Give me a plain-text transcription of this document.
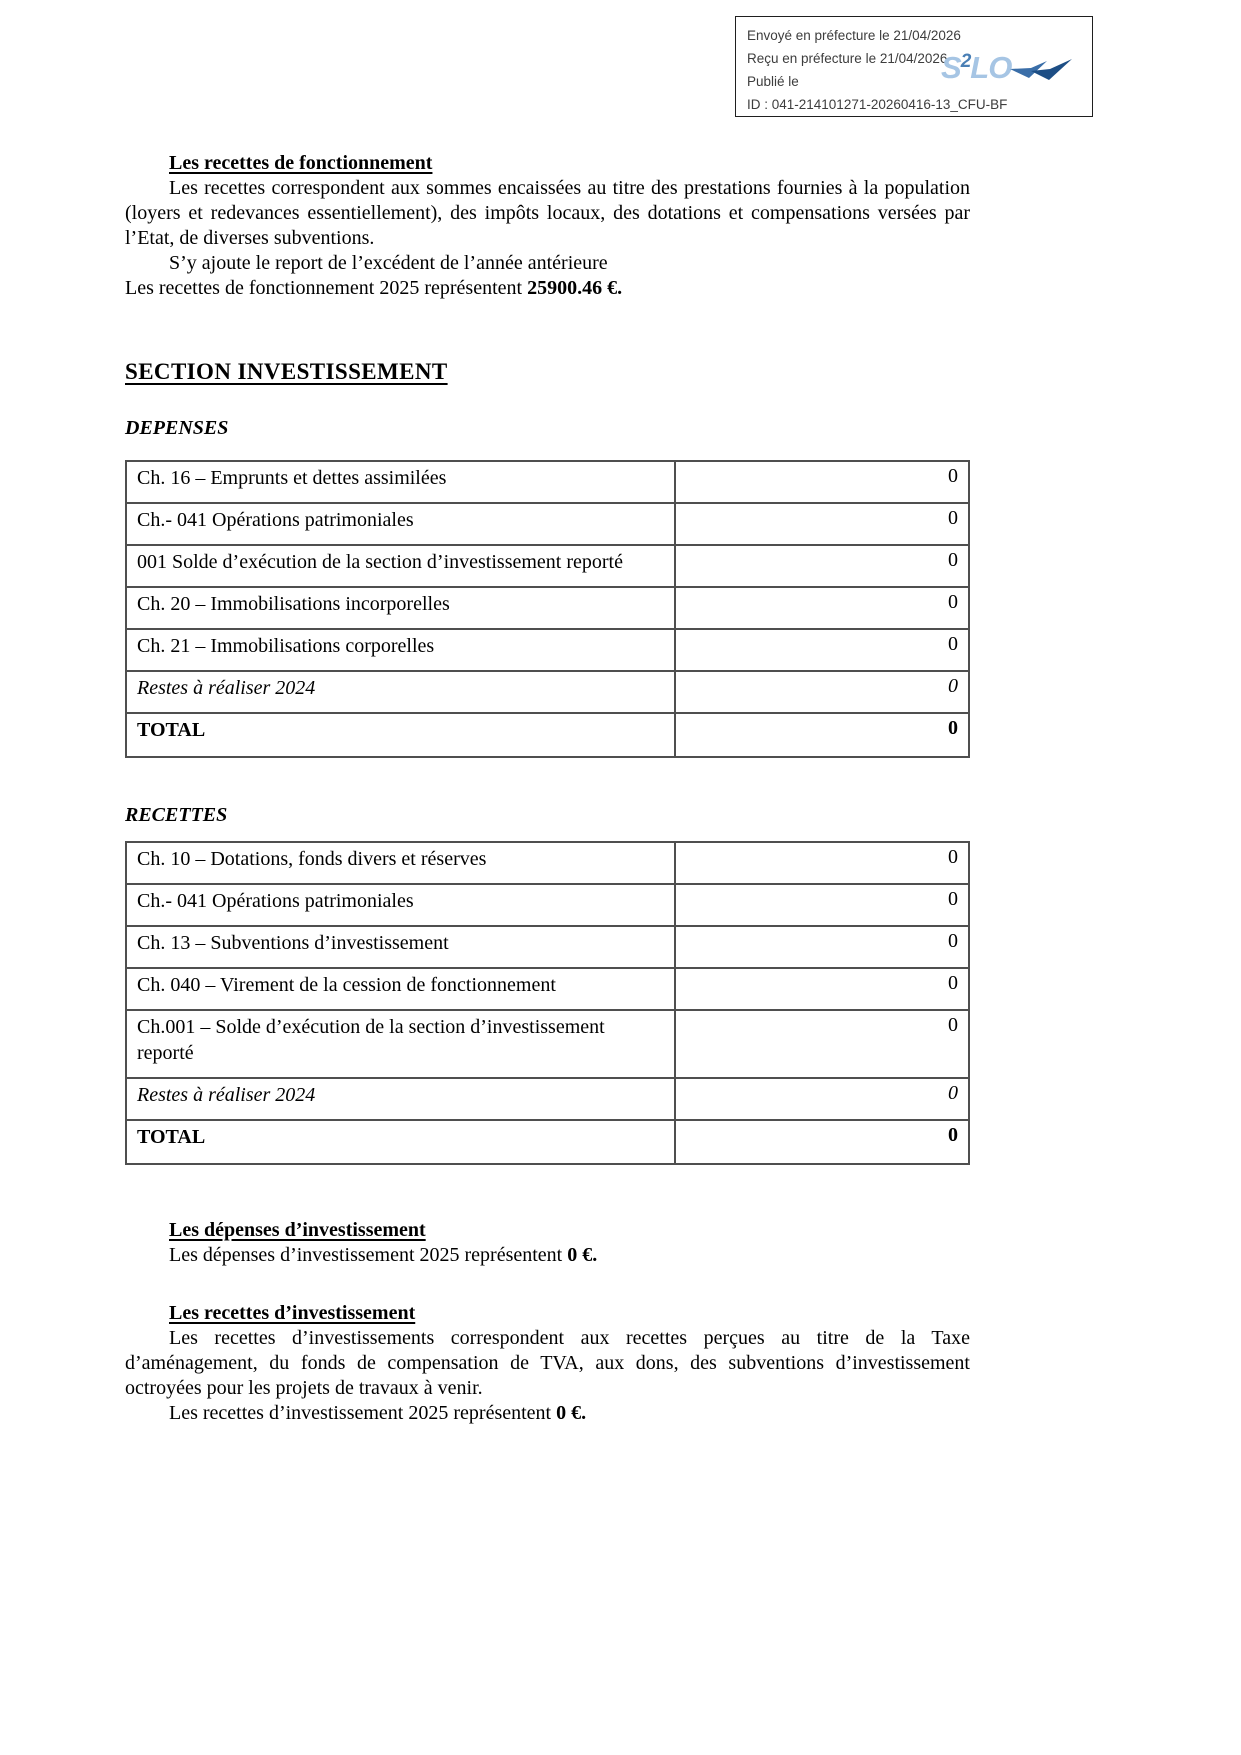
Envoyé en préfecture le 21/04/2026

Reçu en préfecture le 21/04/2026

Publié le

ID : 041-214101271-20260416-13_CFU-BF

S 2 LO

Les recettes de fonctionnement

Les recettes correspondent aux sommes encaissées au titre des prestations fournies à la population (loyers et redevances essentiellement), des impôts locaux, des dotations et compensations versées par l’Etat, de diverses subventions.

S’y ajoute le report de l’excédent de l’année antérieure

Les recettes de fonctionnement 2025 représentent 25900.46 €.

SECTION INVESTISSEMENT

DEPENSES

Ch. 16 – Emprunts et dettes assimilées	0
Ch.- 041 Opérations patrimoniales	0
001 Solde d’exécution de la section d’investissement reporté	0
Ch. 20 – Immobilisations incorporelles	0
Ch. 21 – Immobilisations corporelles	0
Restes à réaliser 2024	0
TOTAL	0

RECETTES

Ch. 10 – Dotations, fonds divers et réserves	0
Ch.- 041 Opérations patrimoniales	0
Ch. 13 – Subventions d’investissement	0
Ch. 040 – Virement de la cession de fonctionnement	0
Ch.001 – Solde d’exécution de la section d’investissement reporté	0
Restes à réaliser 2024	0
TOTAL	0

Les dépenses d’investissement

Les dépenses d’investissement 2025 représentent 0 €.

Les recettes d’investissement

Les recettes d’investissements correspondent aux recettes perçues au titre de la Taxe d’aménagement, du fonds de compensation de TVA, aux dons, des subventions d’investissement octroyées pour les projets de travaux à venir.

Les recettes d’investissement 2025 représentent 0 €.
